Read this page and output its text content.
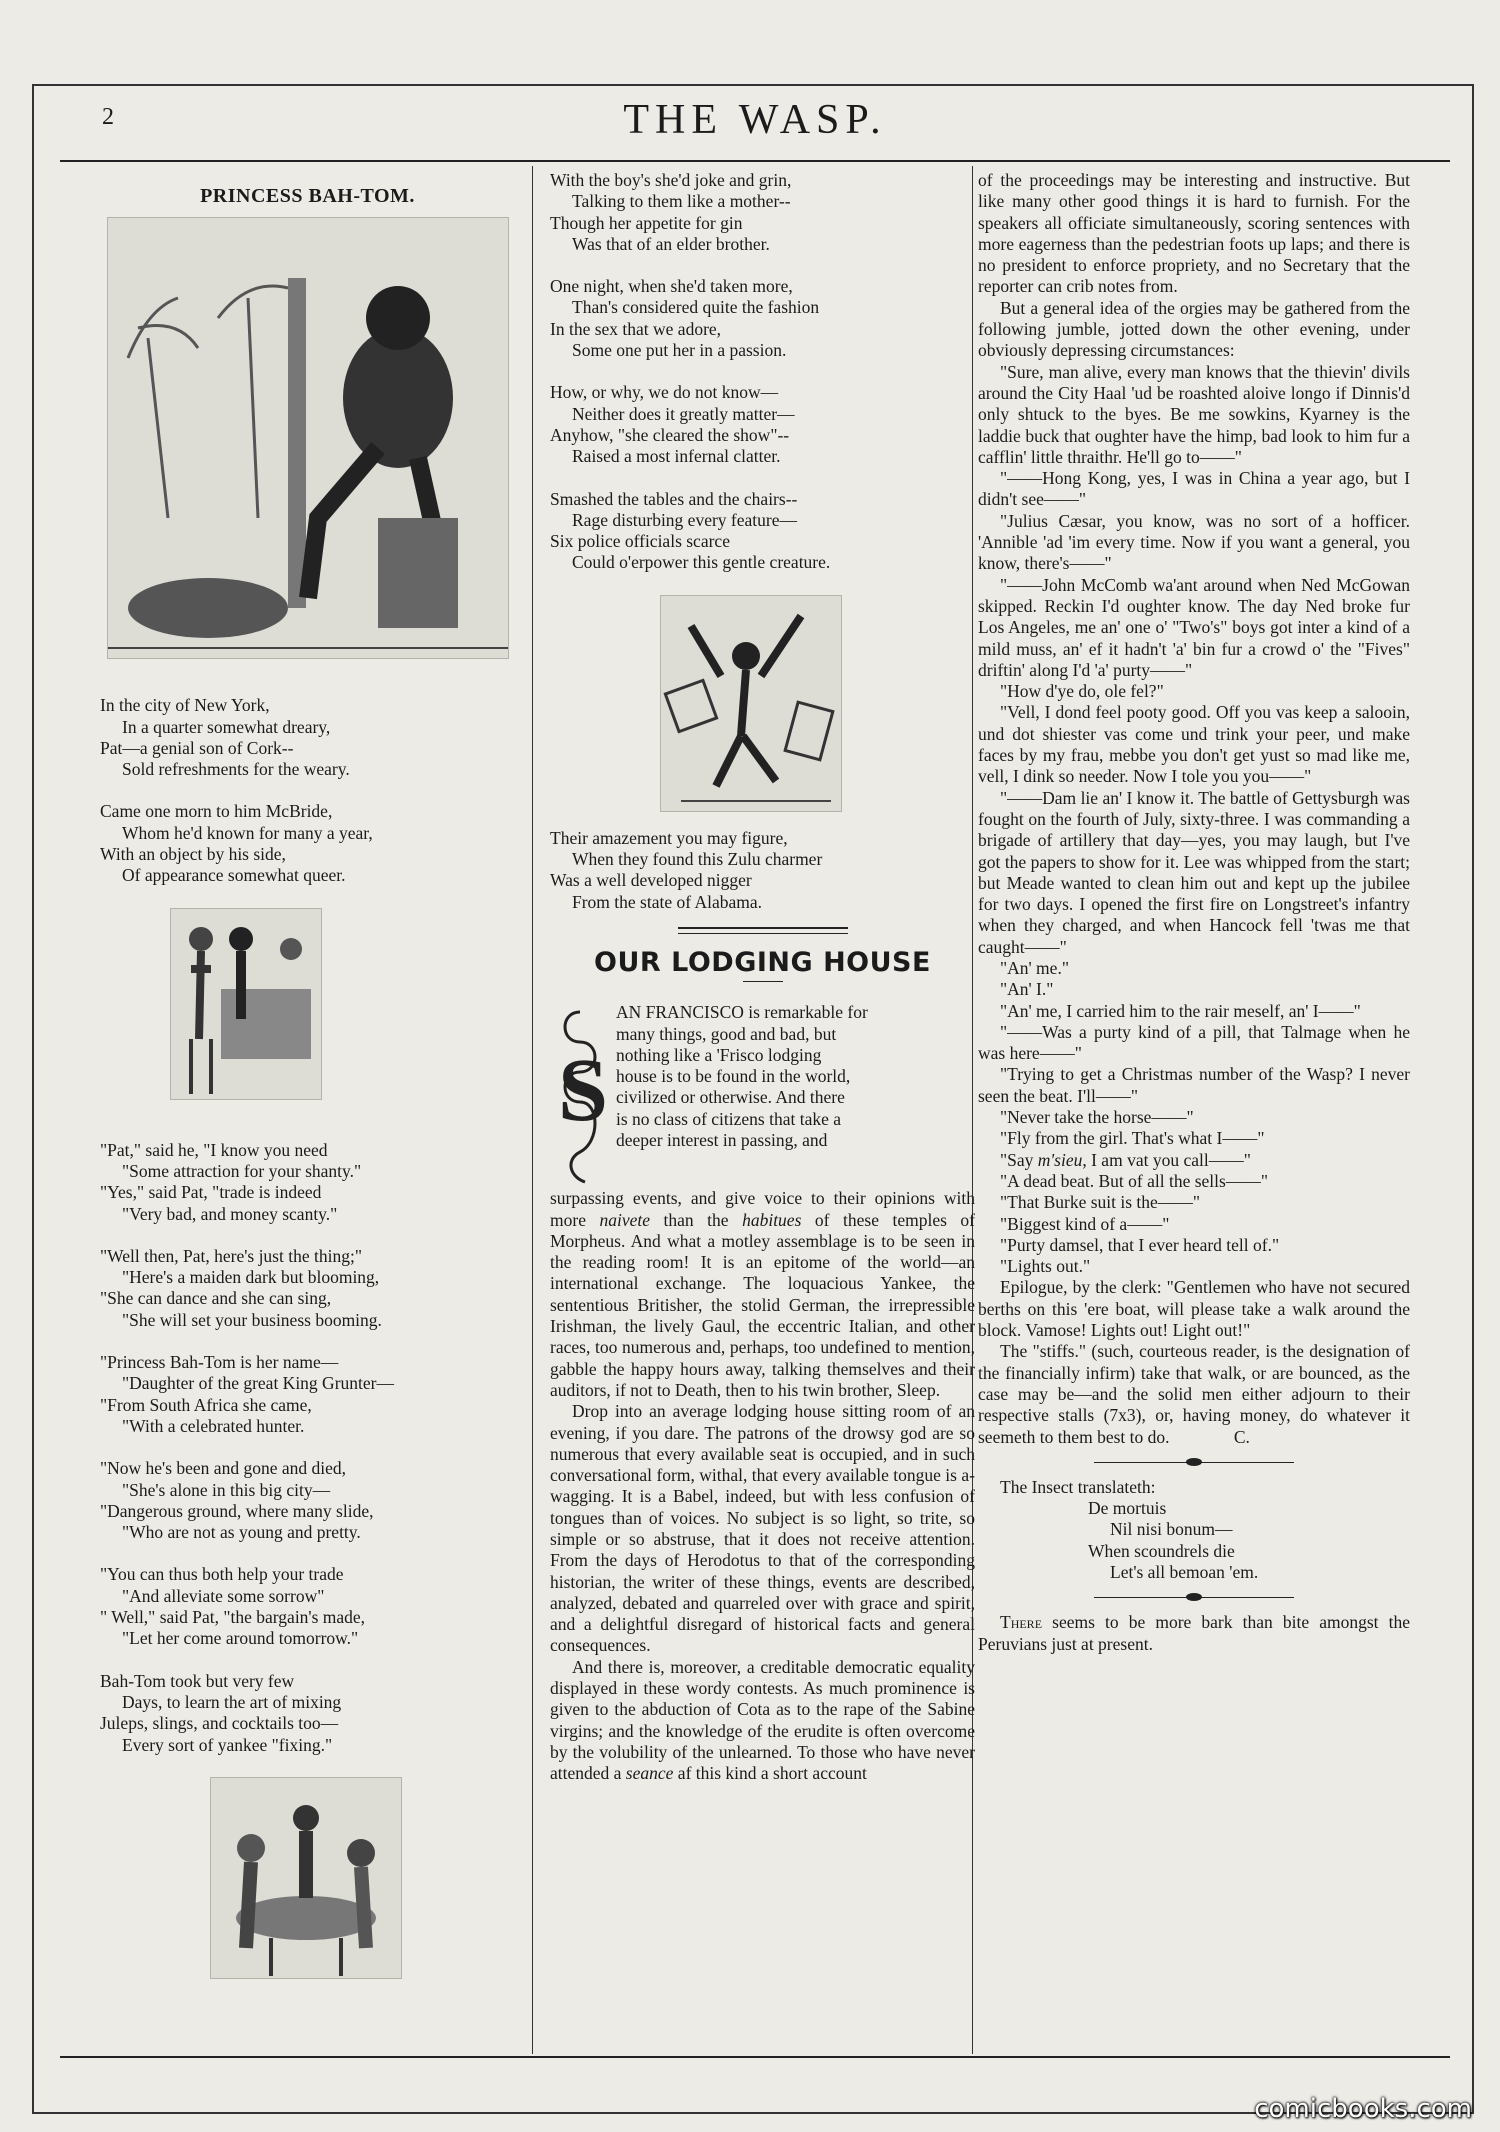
2	THE WASP.
PRINCESS BAH-TOM.
In the city of New York,
In a quarter somewhat dreary,
Pat—a genial son of Cork--
Sold refreshments for the weary.
Came one morn to him McBride,
Whom he'd known for many a year,
With an object by his side,
Of appearance somewhat queer.
"Pat," said he, "I know you need
"Some attraction for your shanty."
"Yes," said Pat, "trade is indeed
"Very bad, and money scanty."
"Well then, Pat, here's just the thing;"
"Here's a maiden dark but blooming,
"She can dance and she can sing,
"She will set your business booming.
"Princess Bah-Tom is her name—
"Daughter of the great King Grunter—
"From South Africa she came,
"With a celebrated hunter.
"Now he's been and gone and died,
"She's alone in this big city—
"Dangerous ground, where many slide,
"Who are not as young and pretty.
"You can thus both help your trade
"And alleviate some sorrow"
" Well," said Pat, "the bargain's made,
"Let her come around tomorrow."
Bah-Tom took but very few
Days, to learn the art of mixing
Juleps, slings, and cocktails too—
Every sort of yankee "fixing."
With the boy's she'd joke and grin,
Talking to them like a mother--
Though her appetite for gin
Was that of an elder brother.
One night, when she'd taken more,
Than's considered quite the fashion
In the sex that we adore,
Some one put her in a passion.
How, or why, we do not know—
Neither does it greatly matter—
Anyhow, "she cleared the show"--
Raised a most infernal clatter.
Smashed the tables and the chairs--
Rage disturbing every feature—
Six police officials scarce
Could o'erpower this gentle creature.
Their amazement you may figure,
When they found this Zulu charmer
Was a well developed nigger
From the state of Alabama.
OUR LODGING HOUSE
S
AN FRANCISCO is remarkable for
many things, good and bad, but
nothing like a 'Frisco lodging
house is to be found in the world,
civilized or otherwise. And there
is no class of citizens that take a
deeper interest in passing, and

surpassing events, and give voice to their opinions with more naivete than the habitues of these temples of Morpheus. And what a motley assemblage is to be seen in the reading room! It is an epitome of the world—an international exchange. The loquacious Yankee, the sententious Britisher, the stolid German, the irrepressible Irishman, the lively Gaul, the eccentric Italian, and other races, too numerous and, perhaps, too undefined to mention, gabble the happy hours away, talking themselves and their auditors, if not to Death, then to his twin brother, Sleep.

Drop into an average lodging house sitting room of an evening, if you dare. The patrons of the drowsy god are so numerous that every available seat is occupied, and in such conversational form, withal, that every available tongue is a-wagging. It is a Babel, indeed, but with less confusion of tongues than of voices. No subject is so light, so trite, so simple or so abstruse, that it does not receive attention. From the days of Herodotus to that of the corresponding historian, the writer of these things, events are described, analyzed, debated and quarreled over with grace and spirit, and a delightful disregard of historical facts and general consequences.

And there is, moreover, a creditable democratic equality displayed in these wordy contests. As much prominence is given to the abduction of Cota as to the rape of the Sabine virgins; and the knowledge of the erudite is often overcome by the volubility of the unlearned. To those who have never attended a seance af this kind a short account

of the proceedings may be interesting and instructive. But like many other good things it is hard to furnish. For the speakers all officiate simultaneously, scoring sentences with more eagerness than the pedestrian foots up laps; and there is no president to enforce propriety, and no Secretary that the reporter can crib notes from.

But a general idea of the orgies may be gathered from the following jumble, jotted down the other evening, under obviously depressing circumstances:

"Sure, man alive, every man knows that the thievin' divils around the City Haal 'ud be roashted aloive longo if Dinnis'd only shtuck to the byes. Be me sowkins, Kyarney is the laddie buck that oughter have the himp, bad look to him fur a cafflin' little thraithr. He'll go to——"

"——Hong Kong, yes, I was in China a year ago, but I didn't see——"

"Julius Cæsar, you know, was no sort of a hofficer. 'Annible 'ad 'im every time. Now if you want a general, you know, there's——"

"——John McComb wa'ant around when Ned McGowan skipped. Reckin I'd oughter know. The day Ned broke fur Los Angeles, me an' one o' "Two's" boys got inter a kind of a mild muss, an' ef it hadn't 'a' bin fur a crowd o' the "Fives" driftin' along I'd 'a' purty——"

"How d'ye do, ole fel?"

"Vell, I dond feel pooty good. Off you vas keep a salooin, und dot shiester vas come und trink your peer, und make faces by my frau, mebbe you don't get yust so mad like me, vell, I dink so needer. Now I tole you you——"

"——Dam lie an' I know it. The battle of Gettysburgh was fought on the fourth of July, sixty-three. I was commanding a brigade of artillery that day—yes, you may laugh, but I've got the papers to show for it. Lee was whipped from the start; but Meade wanted to clean him out and kept up the jubilee for two days. I opened the first fire on Longstreet's infantry when they charged, and when Hancock fell 'twas me that caught——"

"An' me."

"An' I."

"An' me, I carried him to the rair meself, an' I——"

"——Was a purty kind of a pill, that Talmage when he was here——"

"Trying to get a Christmas number of the Wasp? I never seen the beat. I'll——"

"Never take the horse——"

"Fly from the girl. That's what I——"

"Say m'sieu, I am vat you call——"

"A dead beat. But of all the sells——"

"That Burke suit is the——"

"Biggest kind of a——"

"Purty damsel, that I ever heard tell of."

"Lights out."

Epilogue, by the clerk: "Gentlemen who have not secured berths on this 'ere boat, will please take a walk around the block. Vamose! Lights out! Light out!"

The "stiffs." (such, courteous reader, is the designation of the financially infirm) take that walk, or are bounced, as the case may be—and the solid men either adjourn to their respective stalls (7x3), or, having money, do whatever it seemeth to them best to do.	C.

The Insect translateth:

De mortuis
Nil nisi bonum—
When scoundrels die
Let's all bemoan 'em.

There seems to be more bark than bite amongst the Peruvians just at present.

comicbooks.com
